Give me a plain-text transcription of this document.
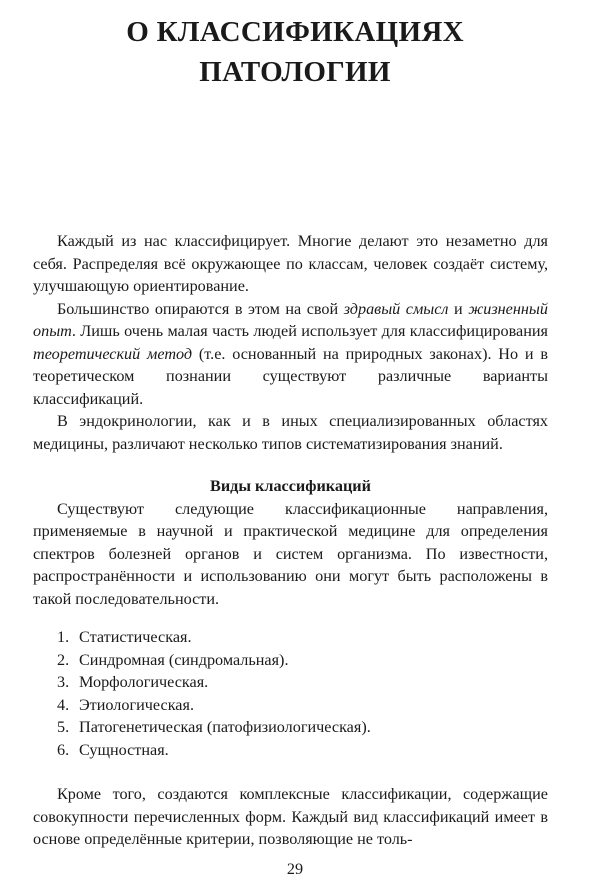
О КЛАССИФИКАЦИЯХ
ПАТОЛОГИИ

Каждый из нас классифицирует. Многие делают это незаметно для себя. Распределяя всё окружающее по классам, человек создаёт систему, улучшающую ориентирование.

Большинство опираются в этом на свой здравый смысл и жизненный опыт. Лишь очень малая часть людей использует для классифицирования теоретический метод (т.е. основанный на природных законах). Но и в теоретическом познании существуют различные варианты классификаций.

В эндокринологии, как и в иных специализированных областях медицины, различают несколько типов систематизирования знаний.

Виды классификаций

Существуют следующие классификационные направления, применяемые в научной и практической медицине для определения спектров болезней органов и систем организма. По известности, распространённости и использованию они могут быть расположены в такой последовательности.

1. Статистическая.
2. Синдромная (синдромальная).
3. Морфологическая.
4. Этиологическая.
5. Патогенетическая (патофизиологическая).
6. Сущностная.

Кроме того, создаются комплексные классификации, содержащие совокупности перечисленных форм. Каждый вид классификаций имеет в основе определённые критерии, позволяющие не толь-

29
